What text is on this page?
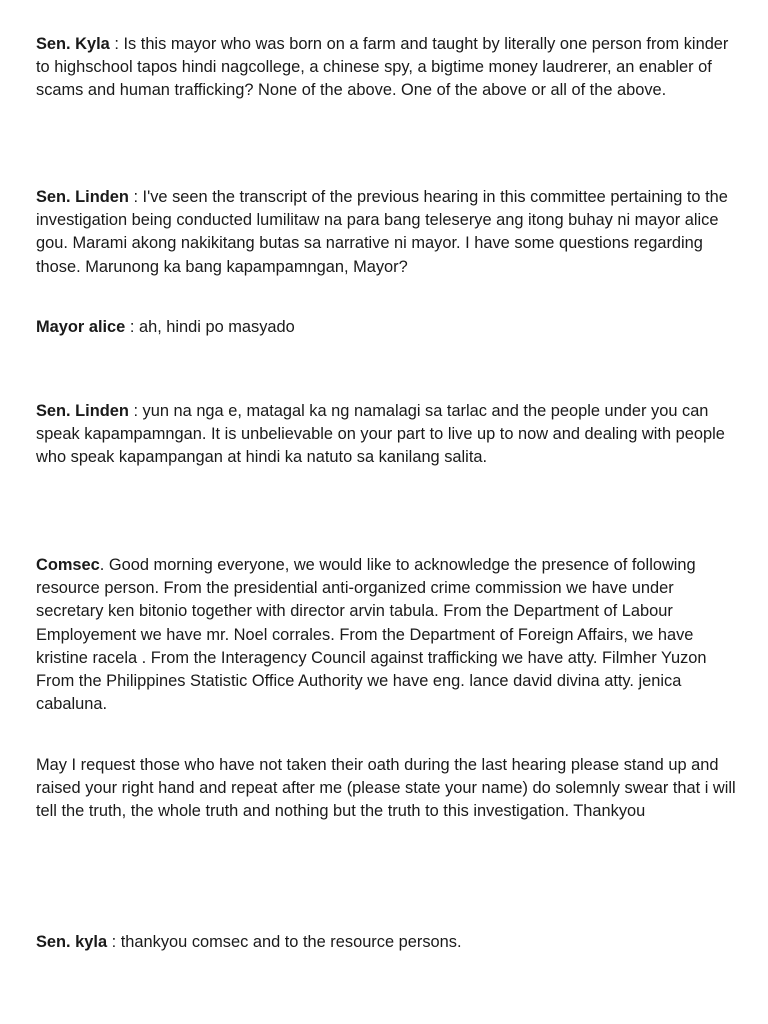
Sen. Kyla : Is this mayor who was born on a farm and taught by literally one person from kinder to highschool tapos hindi nagcollege, a chinese spy, a bigtime money laudrerer, an enabler of scams and human trafficking? None of the above. One of the above or all of the above.

Sen. Linden : I've seen the transcript of the previous hearing in this committee pertaining to the investigation being conducted lumilitaw na para bang teleserye ang itong buhay ni mayor alice gou. Marami akong nakikitang butas sa narrative ni mayor. I have some questions regarding those. Marunong ka bang kapampamngan, Mayor?

Mayor alice : ah, hindi po masyado

Sen. Linden : yun na nga e, matagal ka ng namalagi sa tarlac and the people under you can speak kapampamngan. It is unbelievable on your part to live up to now and dealing with people who speak kapampangan at hindi ka natuto sa kanilang salita.

Comsec. Good morning everyone, we would like to acknowledge the presence of following resource person. From the presidential anti-organized crime commission we have under secretary ken bitonio together with director arvin tabula. From the Department of Labour Employement we have mr. Noel corrales. From the Department of Foreign Affairs, we have kristine racela . From the Interagency Council against trafficking we have atty. Filmher Yuzon From the Philippines Statistic Office Authority we have eng. lance david divina atty. jenica cabaluna.

May I request those who have not taken their oath during the last hearing please stand up and raised your right hand and repeat after me (please state your name) do solemnly swear that i will tell the truth, the whole truth and nothing but the truth to this investigation. Thankyou

Sen. kyla : thankyou comsec and to the resource persons.
